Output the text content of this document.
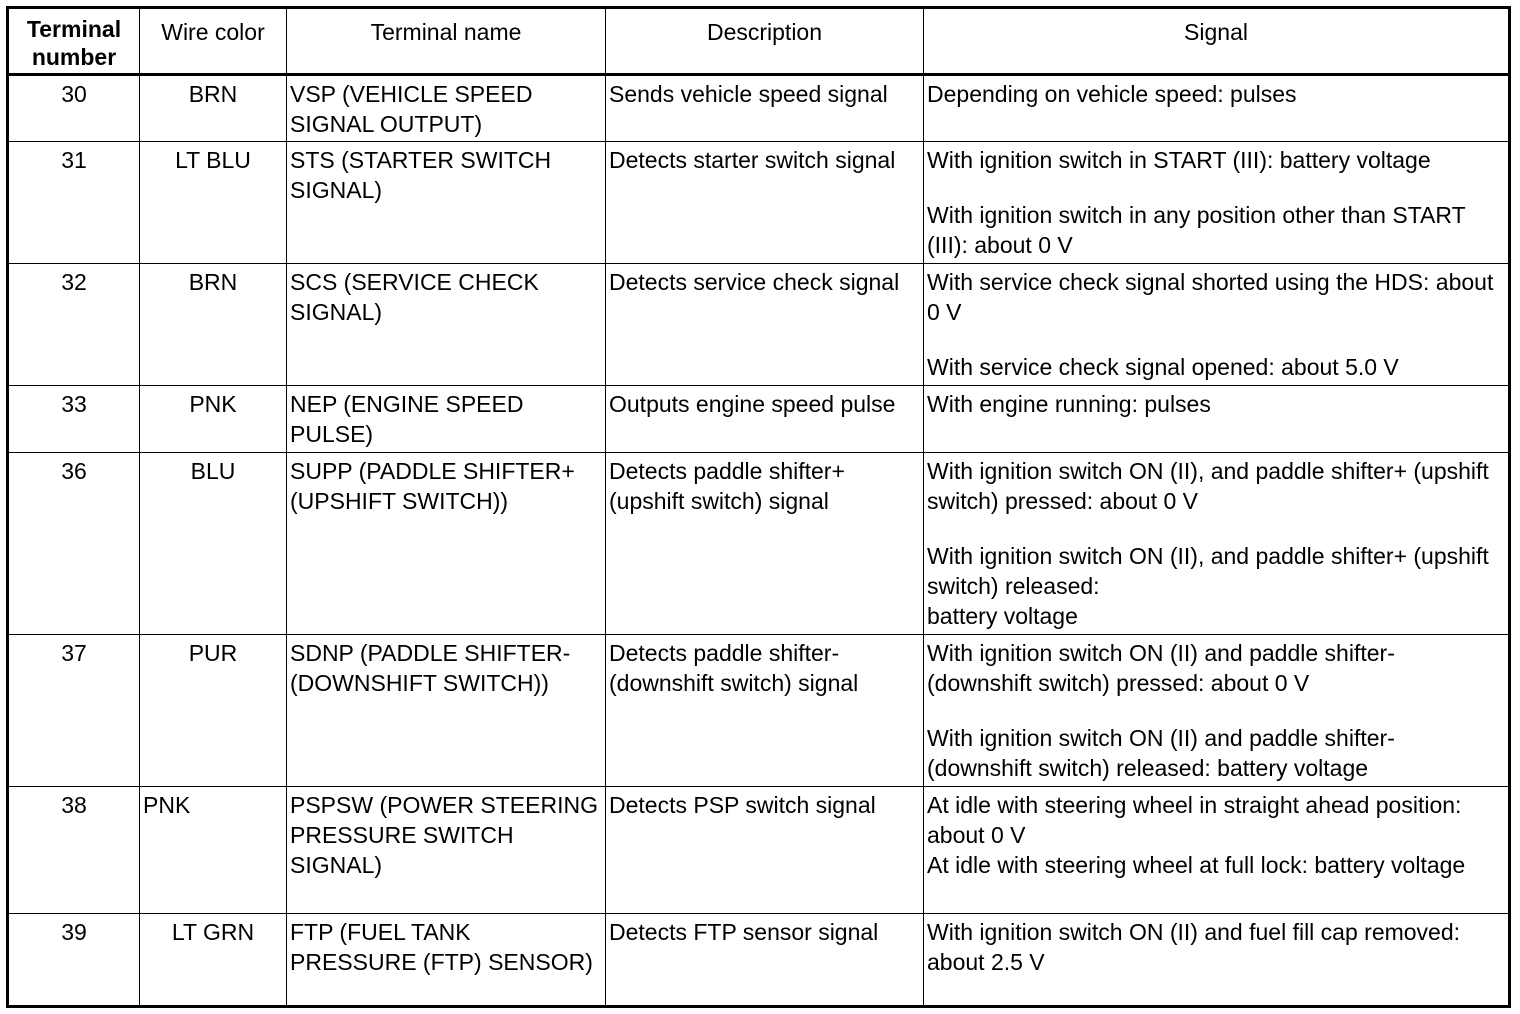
Terminal number	Wire color	Terminal name	Description	Signal
30	BRN	VSP (VEHICLE SPEED SIGNAL OUTPUT)	Sends vehicle speed signal	Depending on vehicle speed: pulses

31	LT BLU	STS (STARTER SWITCH SIGNAL)	Detects starter switch signal	With ignition switch in START (III): battery voltage
With ignition switch in any position other than START (III): about 0 V

32	BRN	SCS (SERVICE CHECK SIGNAL)	Detects service check signal	With service check signal shorted using the HDS: about 0 V
With service check signal opened: about 5.0 V

33	PNK	NEP (ENGINE SPEED PULSE)	Outputs engine speed pulse	With engine running: pulses

36	BLU	SUPP (PADDLE SHIFTER+ (UPSHIFT SWITCH))	Detects paddle shifter+ (upshift switch) signal	With ignition switch ON (II), and paddle shifter+ (upshift switch) pressed: about 0 V
With ignition switch ON (II), and paddle shifter+ (upshift switch) released:
battery voltage

37	PUR	SDNP (PADDLE SHIFTER-   (DOWNSHIFT SWITCH))	Detects paddle shifter- (downshift switch) signal	With ignition switch ON (II) and paddle shifter- (downshift switch) pressed: about 0 V
With ignition switch ON (II) and paddle shifter- (downshift switch) released: battery voltage

38	PNK	PSPSW (POWER STEERING PRESSURE SWITCH SIGNAL)	Detects PSP switch signal	At idle with steering wheel in straight ahead position: about 0 V
At idle with steering wheel at full lock: battery voltage

39	LT GRN	FTP (FUEL TANK PRESSURE (FTP) SENSOR)	Detects FTP sensor signal	With ignition switch ON (II) and fuel fill cap removed: about 2.5 V
